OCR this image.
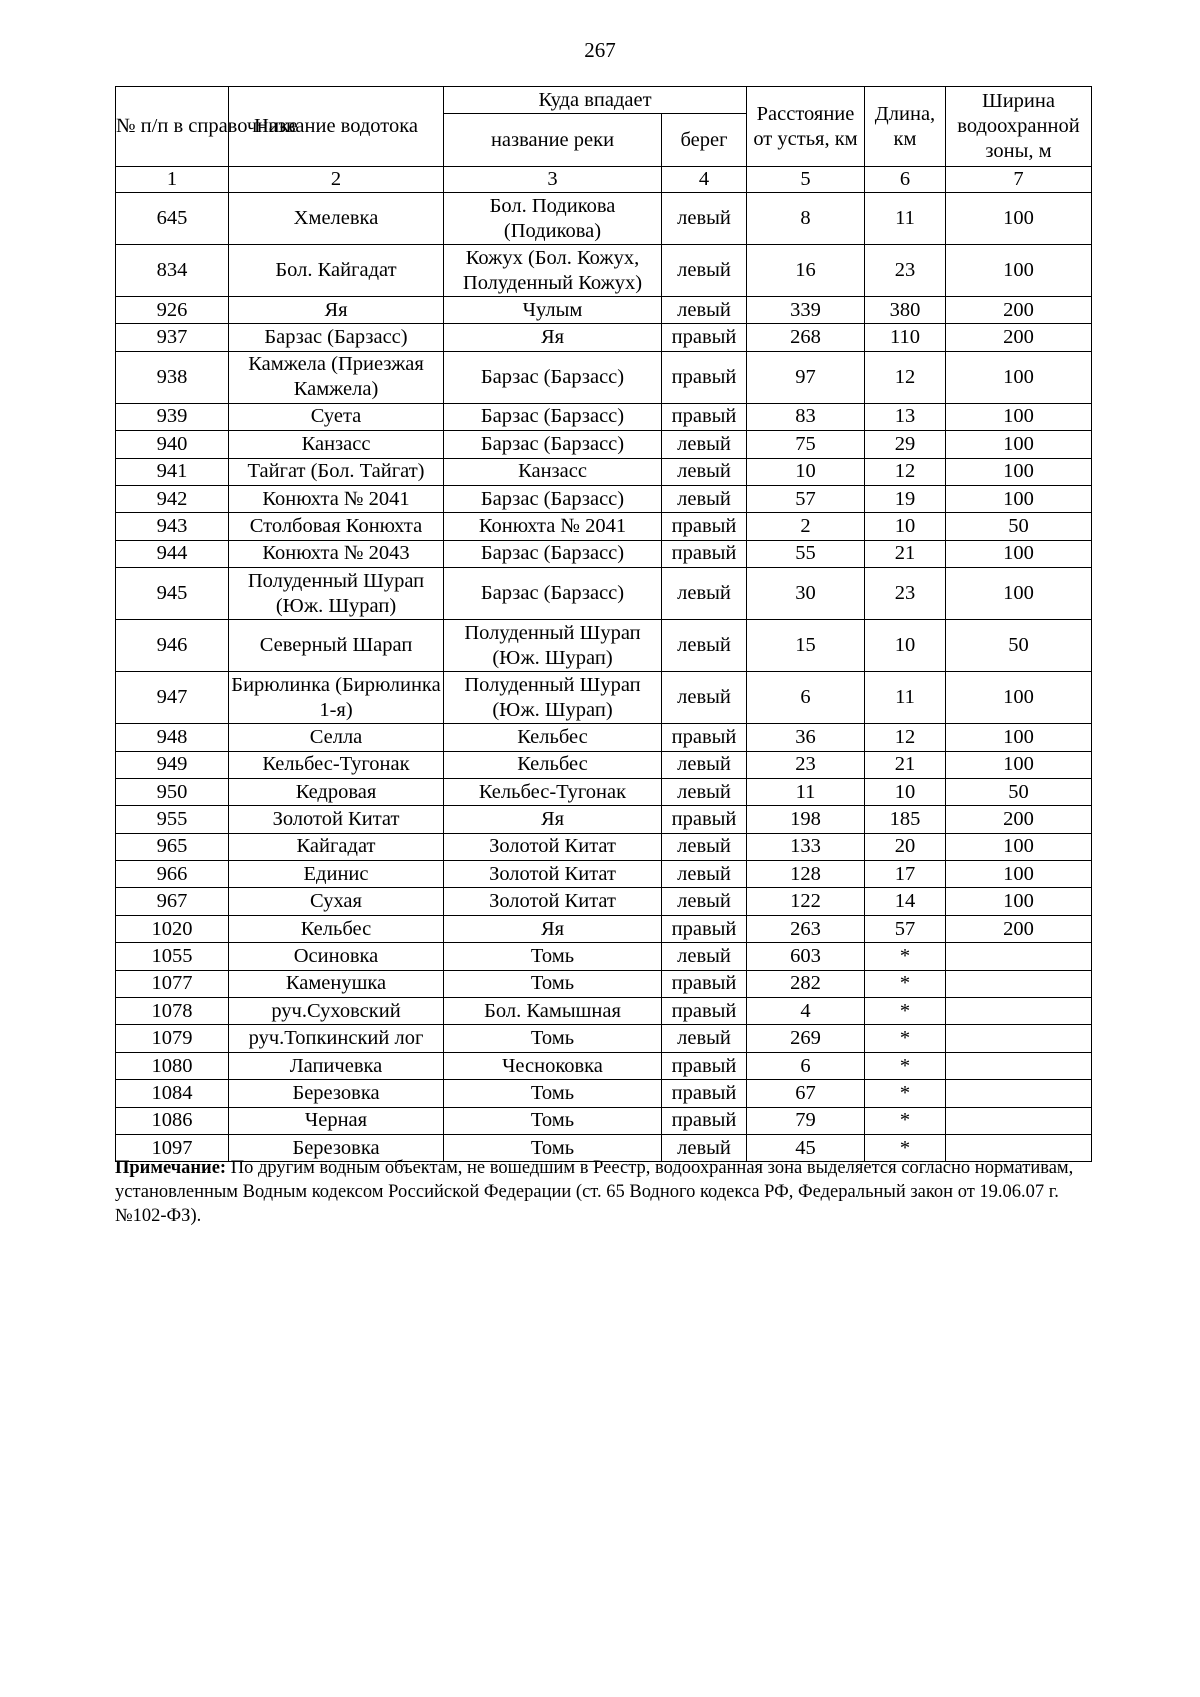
267
№ п/п в справочнике	Название водотока	Куда впадает		Расстояние от устья, км	Длина, км	Ширина водоохранной зоны, м
		название реки	берег			
1	2	3	4	5	6	7
645	Хмелевка	Бол. Подикова (Подикова)	левый	8	11	100
834	Бол. Кайгадат	Кожух (Бол. Кожух, Полуденный Кожух)	левый	16	23	100
926	Яя	Чулым	левый	339	380	200
937	Барзас (Барзасс)	Яя	правый	268	110	200
938	Камжела (Приезжая Камжела)	Барзас (Барзасс)	правый	97	12	100
939	Суета	Барзас (Барзасс)	правый	83	13	100
940	Канзасс	Барзас (Барзасс)	левый	75	29	100
941	Тайгат (Бол. Тайгат)	Канзасс	левый	10	12	100
942	Конюхта № 2041	Барзас (Барзасс)	левый	57	19	100
943	Столбовая Конюхта	Конюхта № 2041	правый	2	10	50
944	Конюхта № 2043	Барзас (Барзасс)	правый	55	21	100
945	Полуденный Шурап (Юж. Шурап)	Барзас (Барзасс)	левый	30	23	100
946	Северный Шарап	Полуденный Шурап (Юж. Шурап)	левый	15	10	50
947	Бирюлинка (Бирюлинка 1-я)	Полуденный Шурап (Юж. Шурап)	левый	6	11	100
948	Селла	Кельбес	правый	36	12	100
949	Кельбес-Тугонак	Кельбес	левый	23	21	100
950	Кедровая	Кельбес-Тугонак	левый	11	10	50
955	Золотой Китат	Яя	правый	198	185	200
965	Кайгадат	Золотой Китат	левый	133	20	100
966	Единис	Золотой Китат	левый	128	17	100
967	Сухая	Золотой Китат	левый	122	14	100
1020	Кельбес	Яя	правый	263	57	200
1055	Осиновка	Томь	левый	603	*	
1077	Каменушка	Томь	правый	282	*	
1078	руч.Суховский	Бол. Камышная	правый	4	*	
1079	руч.Топкинский лог	Томь	левый	269	*	
1080	Лапичевка	Чесноковка	правый	6	*	
1084	Березовка	Томь	правый	67	*	
1086	Черная	Томь	правый	79	*	
1097	Березовка	Томь	левый	45	*	
Примечание: По другим водным объектам, не вошедшим в Реестр, водоохранная зона выделяется согласно нормативам, установленным Водным кодексом Российской Федерации (ст. 65 Водного кодекса РФ, Федеральный закон от 19.06.07 г. №102-ФЗ).
